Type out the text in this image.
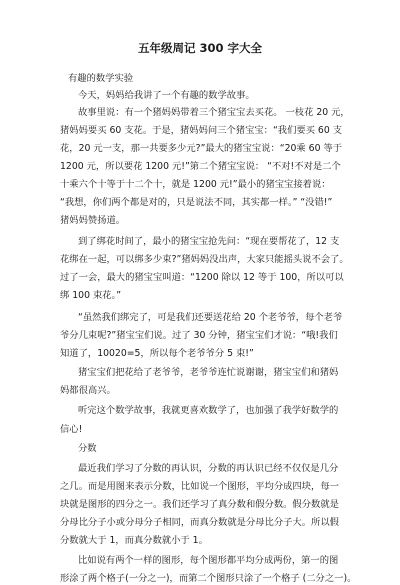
五年级周记 300 字大全
有趣的数学实验
今天，妈妈给我讲了一个有趣的数学故事。
故事里说：有一个猪妈妈带着三个猪宝宝去买花。 一枝花 20 元，
猪妈妈要买 60 支花。于是，猪妈妈问三个猪宝宝：“我们要买 60 支
花，20 元一支，那一共要多少元?”最大的猪宝宝说：“20乘 60 等于
1200 元，所以要花 1200 元!”第二个猪宝宝说： “不对!不对是二个
十乘六个十等于十二个十，就是 1200 元!”最小的猪宝宝接着说：
“我想，你们两个都是对的，只是说法不同，其实都一样。” “没错!”
猪妈妈赞扬道。
到了绑花时间了，最小的猪宝宝抢先问：“现在要帮花了，12 支
花绑在一起，可以绑多少束?”猪妈妈没出声，大家只能摇头说不会了。
过了一会，最大的猪宝宝叫道：“1200 除以 12 等于 100，所以可以
绑 100 束花。”
“虽然我们绑完了，可是我们还要送花给 20 个老爷爷，每个老爷
爷分几束呢?”猪宝宝们说。过了 30 分钟，猪宝宝们才说：“哦!我们
知道了，10020=5，所以每个老爷爷分 5 束!”
猪宝宝们把花给了老爷爷，老爷爷连忙说谢谢，猪宝宝们和猪妈
妈都很高兴。
听完这个数学故事，我就更喜欢数学了，也加强了我学好数学的
信心!
分数
最近我们学习了分数的再认识，分数的再认识已经不仅仅是几分
之几。而是用图来表示分数，比如说一个图形，平均分成四块，每一
块就是图形的四分之一。我们还学习了真分数和假分数。假分数就是
分母比分子小或分母分子相同，而真分数就是分母比分子大。所以假
分数就大于 1，而真分数就小于 1。
比如说有两个一样的图形，每个图形都平均分成两份，第一的图
形涂了两个格子(一分之一)，而第二个图形只涂了一个格子 (二分之一)。
